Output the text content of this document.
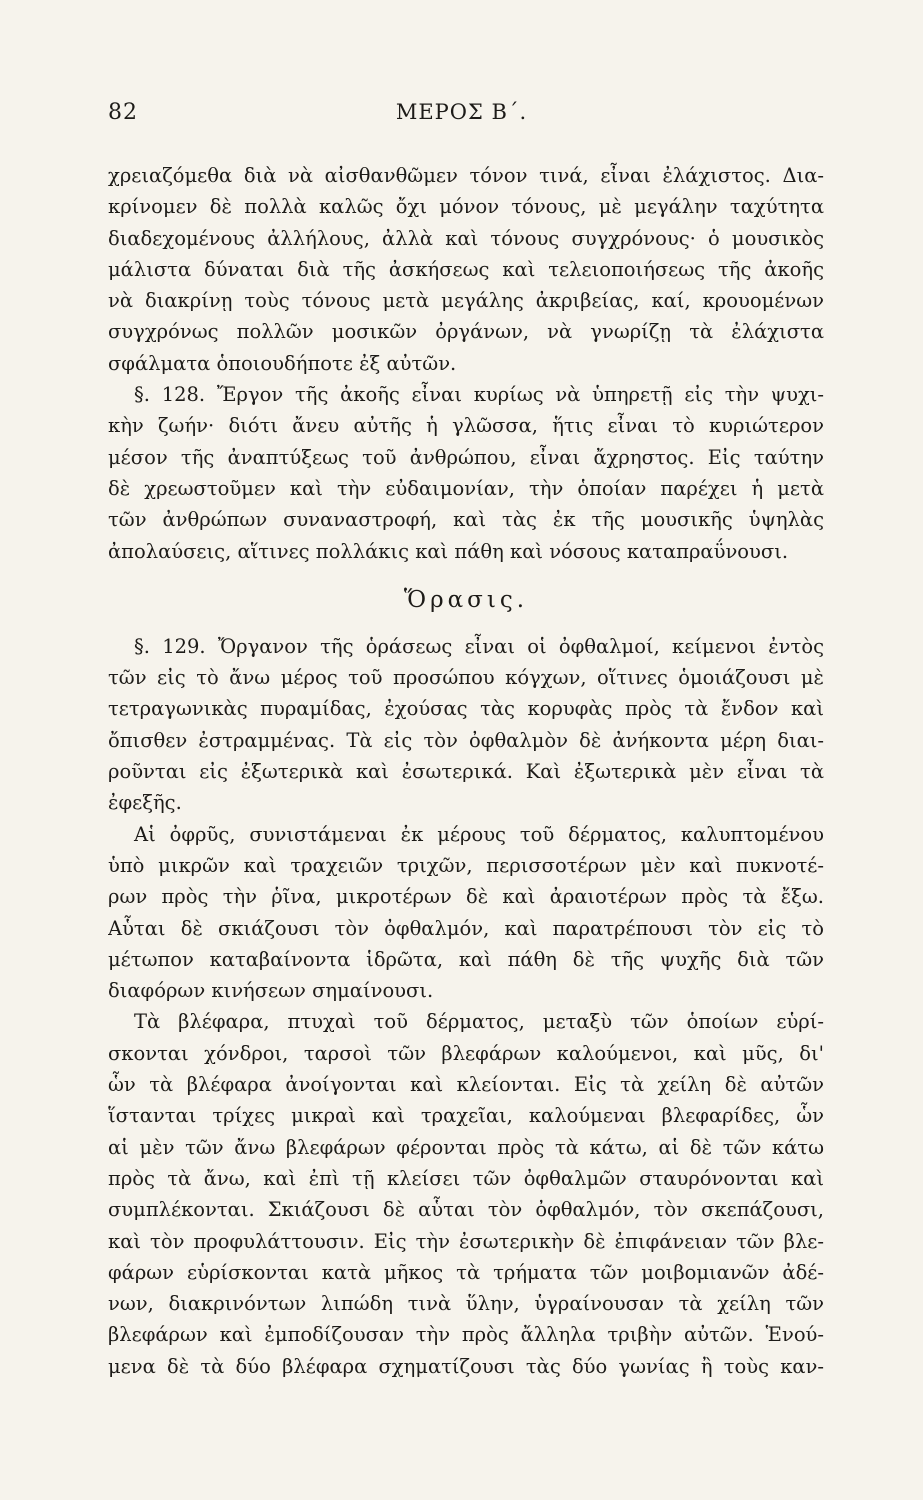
82	ΜΕΡΟΣ Β΄.
χρειαζόμεθα διὰ νὰ αἰσθανθῶμεν τόνον τινά, εἶναι ἐλάχιστος. Δια-
κρίνομεν δὲ πολλὰ καλῶς ὄχι μόνον τόνους, μὲ μεγάλην ταχύτητα
διαδεχομένους ἀλλήλους, ἀλλὰ καὶ τόνους συγχρόνους· ὁ μουσικὸς
μάλιστα δύναται διὰ τῆς ἀσκήσεως καὶ τελειοποιήσεως τῆς ἀκοῆς
νὰ διακρίνῃ τοὺς τόνους μετὰ μεγάλης ἀκριβείας, καί, κρουομένων
συγχρόνως πολλῶν μοσικῶν ὀργάνων, νὰ γνωρίζῃ τὰ ἐλάχιστα
σφάλματα ὁποιουδήποτε ἐξ αὐτῶν.
§. 128. Ἔργον τῆς ἀκοῆς εἶναι κυρίως νὰ ὑπηρετῇ εἰς τὴν ψυχι-
κὴν ζωήν· διότι ἄνευ αὐτῆς ἡ γλῶσσα, ἥτις εἶναι τὸ κυριώτερον
μέσον τῆς ἀναπτύξεως τοῦ ἀνθρώπου, εἶναι ἄχρηστος. Εἰς ταύτην
δὲ χρεωστοῦμεν καὶ τὴν εὐδαιμονίαν, τὴν ὁποίαν παρέχει ἡ μετὰ
τῶν ἀνθρώπων συναναστροφή, καὶ τὰς ἐκ τῆς μουσικῆς ὑψηλὰς
ἀπολαύσεις, αἵτινες πολλάκις καὶ πάθη καὶ νόσους καταπραΰνουσι.
Ὅρασις.
§. 129. Ὄργανον τῆς ὁράσεως εἶναι οἱ ὀφθαλμοί, κείμενοι ἐντὸς
τῶν εἰς τὸ ἄνω μέρος τοῦ προσώπου κόγχων, οἵτινες ὁμοιάζουσι μὲ
τετραγωνικὰς πυραμίδας, ἐχούσας τὰς κορυφὰς πρὸς τὰ ἔνδον καὶ
ὄπισθεν ἐστραμμένας. Τὰ εἰς τὸν ὀφθαλμὸν δὲ ἀνήκοντα μέρη διαι-
ροῦνται εἰς ἐξωτερικὰ καὶ ἐσωτερικά. Καὶ ἐξωτερικὰ μὲν εἶναι τὰ
ἐφεξῆς.
Αἱ ὀφρῦς, συνιστάμεναι ἐκ μέρους τοῦ δέρματος, καλυπτομένου
ὑπὸ μικρῶν καὶ τραχειῶν τριχῶν, περισσοτέρων μὲν καὶ πυκνοτέ-
ρων πρὸς τὴν ῥῖνα, μικροτέρων δὲ καὶ ἀραιοτέρων πρὸς τὰ ἔξω.
Αὗται δὲ σκιάζουσι τὸν ὀφθαλμόν, καὶ παρατρέπουσι τὸν εἰς τὸ
μέτωπον καταβαίνοντα ἱδρῶτα, καὶ πάθη δὲ τῆς ψυχῆς διὰ τῶν
διαφόρων κινήσεων σημαίνουσι.
Τὰ βλέφαρα, πτυχαὶ τοῦ δέρματος, μεταξὺ τῶν ὁποίων εὑρί-
σκονται χόνδροι, ταρσοὶ τῶν βλεφάρων καλούμενοι, καὶ μῦς, δι'
ὧν τὰ βλέφαρα ἀνοίγονται καὶ κλείονται. Εἰς τὰ χείλη δὲ αὐτῶν
ἵστανται τρίχες μικραὶ καὶ τραχεῖαι, καλούμεναι βλεφαρίδες, ὧν
αἱ μὲν τῶν ἄνω βλεφάρων φέρονται πρὸς τὰ κάτω, αἱ δὲ τῶν κάτω
πρὸς τὰ ἄνω, καὶ ἐπὶ τῇ κλείσει τῶν ὀφθαλμῶν σταυρόνονται καὶ
συμπλέκονται. Σκιάζουσι δὲ αὗται τὸν ὀφθαλμόν, τὸν σκεπάζουσι,
καὶ τὸν προφυλάττουσιν. Εἰς τὴν ἐσωτερικὴν δὲ ἐπιφάνειαν τῶν βλε-
φάρων εὑρίσκονται κατὰ μῆκος τὰ τρήματα τῶν μοιβομιανῶν ἀδέ-
νων, διακρινόντων λιπώδη τινὰ ὕλην, ὑγραίνουσαν τὰ χείλη τῶν
βλεφάρων καὶ ἐμποδίζουσαν τὴν πρὸς ἄλληλα τριβὴν αὐτῶν. Ἑνού-
μενα δὲ τὰ δύο βλέφαρα σχηματίζουσι τὰς δύο γωνίας ἢ τοὺς καν-
